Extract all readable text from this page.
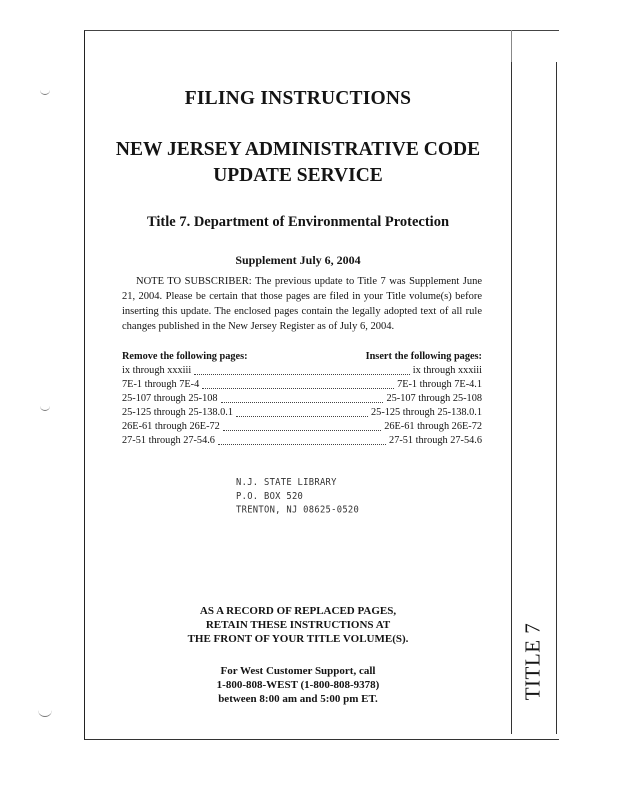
TITLE 7
FILING INSTRUCTIONS
NEW JERSEY ADMINISTRATIVE CODE
UPDATE SERVICE
Title 7. Department of Environmental Protection
Supplement July 6, 2004
NOTE TO SUBSCRIBER: The previous update to Title 7 was Supplement June 21, 2004. Please be certain that those pages are filed in your Title volume(s) before inserting this update. The enclosed pages contain the legally adopted text of all rule changes published in the New Jersey Register as of July 6, 2004.
Remove the following pages:	Insert the following pages:
ix through xxxiii	ix through xxxiii
7E-1 through 7E-4	7E-1 through 7E-4.1
25-107 through 25-108	25-107 through 25-108
25-125 through 25-138.0.1	25-125 through 25-138.0.1
26E-61 through 26E-72	26E-61 through 26E-72
27-51 through 27-54.6	27-51 through 27-54.6
N.J. STATE LIBRARY
P.O. BOX 520
TRENTON, NJ 08625-0520
AS A RECORD OF REPLACED PAGES,
RETAIN THESE INSTRUCTIONS AT
THE FRONT OF YOUR TITLE VOLUME(S).
For West Customer Support, call
1-800-808-WEST (1-800-808-9378)
between 8:00 am and 5:00 pm ET.
